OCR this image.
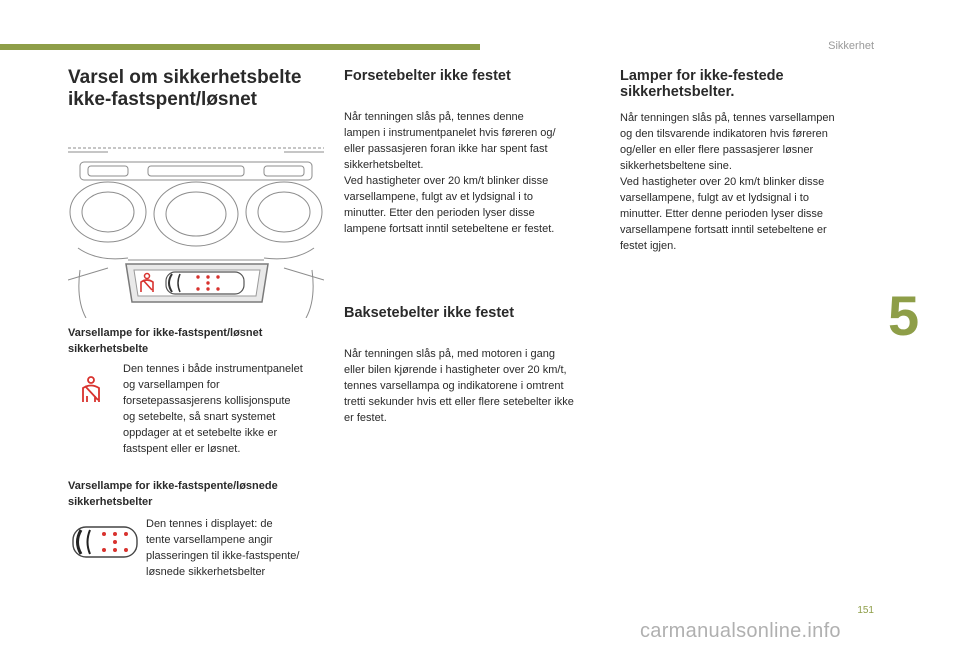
Sikkerhet
5
151
carmanualsonline.info
Varsel om sikkerhetsbelte
ikke-fastspent/løsnet

Varsellampe for ikke-fastspent/løsnet
sikkerhetsbelte

Den tennes i både instrumentpanelet
og varsellampen for
forsetepassasjerens kollisjonspute
og setebelte, så snart systemet
oppdager at et setebelte ikke er
fastspent eller er løsnet.

Varsellampe for ikke-fastspente/løsnede
sikkerhetsbelter

Den tennes i displayet: de
tente varsellampene angir
plasseringen til ikke-fastspente/
løsnede sikkerhetsbelter

Forsetebelter ikke festet

Når tenningen slås på, tennes denne
lampen i instrumentpanelet hvis føreren og/
eller passasjeren foran ikke har spent fast
sikkerhetsbeltet.
Ved hastigheter over 20 km/t blinker disse
varsellampene, fulgt av et lydsignal i to
minutter. Etter den perioden lyser disse
lampene fortsatt inntil setebeltene er festet.

Baksetebelter ikke festet

Når tenningen slås på, med motoren i gang
eller bilen kjørende i hastigheter over 20 km/t,
tennes varsellampa og indikatorene i omtrent
tretti sekunder hvis ett eller flere setebelter ikke
er festet.

Lamper for ikke-festede
sikkerhetsbelter.

Når tenningen slås på, tennes varsellampen
og den tilsvarende indikatoren hvis føreren
og/eller en eller flere passasjerer løsner
sikkerhetsbeltene sine.
Ved hastigheter over 20 km/t blinker disse
varsellampene, fulgt av et lydsignal i to
minutter. Etter denne perioden lyser disse
varsellampene fortsatt inntil setebeltene er
festet igjen.
